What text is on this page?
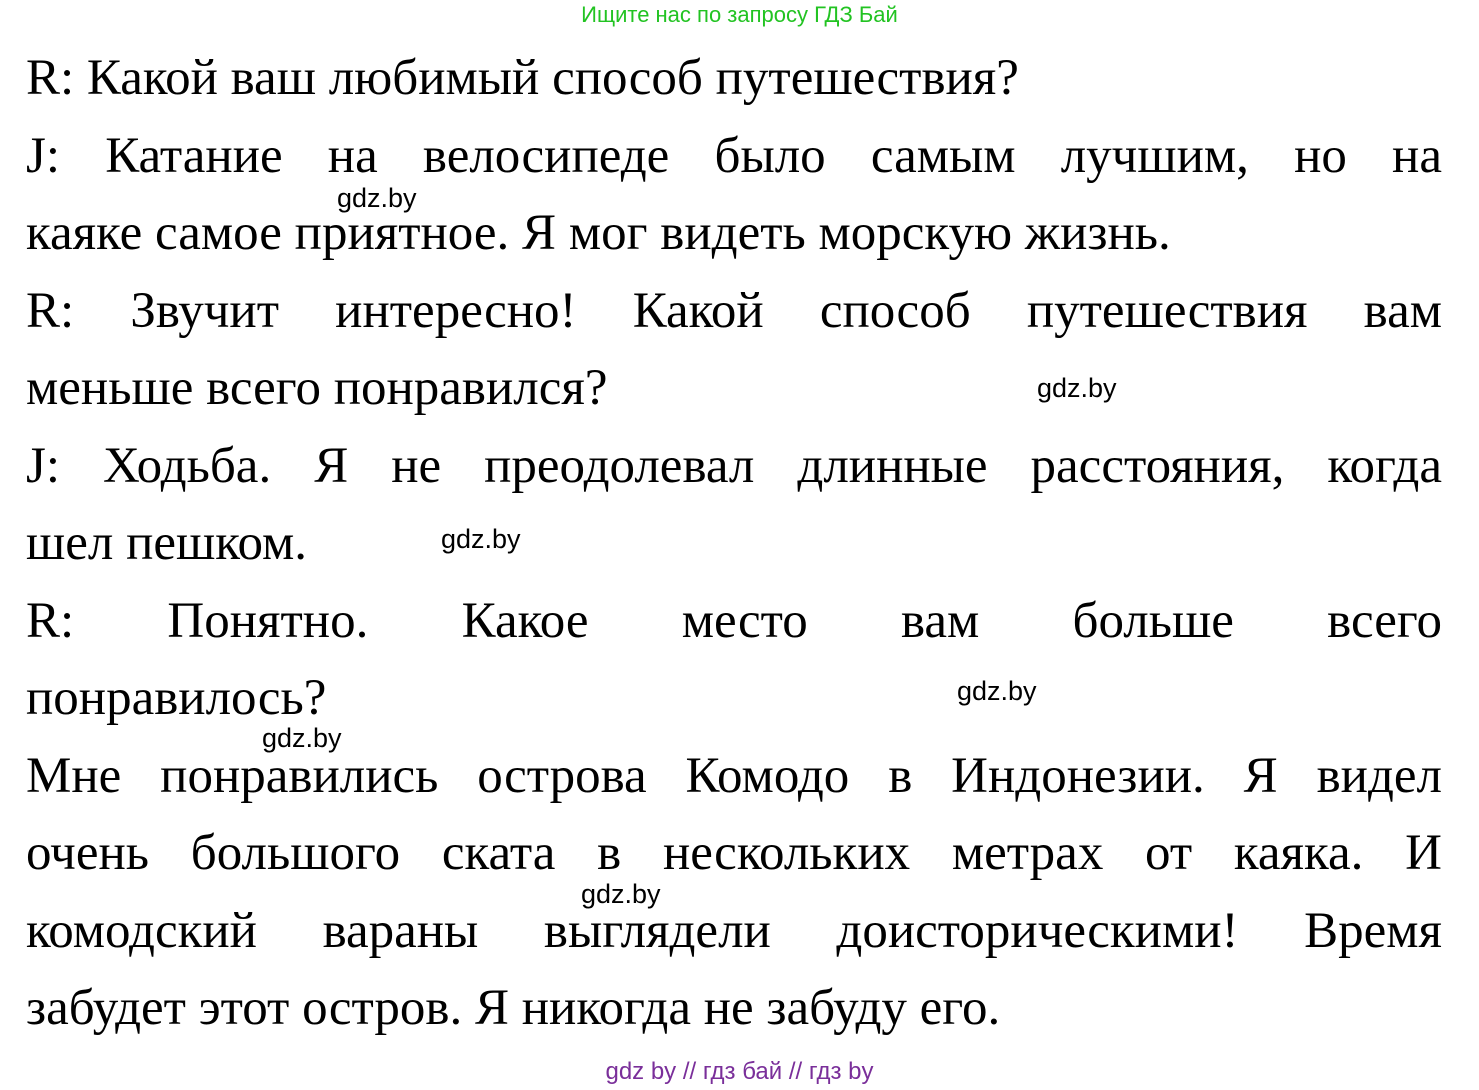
Ищите нас по запросу ГДЗ Бай
R: Какой ваш любимый способ путешествия?
J: Катание на велосипеде было самым лучшим, но на
каяке самое приятное. Я мог видеть морскую жизнь.
R: Звучит интересно! Какой способ путешествия вам
меньше всего понравился?
J: Ходьба. Я не преодолевал длинные расстояния, когда
шел пешком.
R: Понятно. Какое место вам больше всего
понравилось?
Мне понравились острова Комодо в Индонезии. Я видел
очень большого ската в нескольких метрах от каяка. И
комодский вараны выглядели доисторическими! Время
забудет этот остров. Я никогда не забуду его.
gdz.by
gdz.by
gdz.by
gdz.by
gdz.by
gdz.by
gdz by // гдз бай // гдз by
